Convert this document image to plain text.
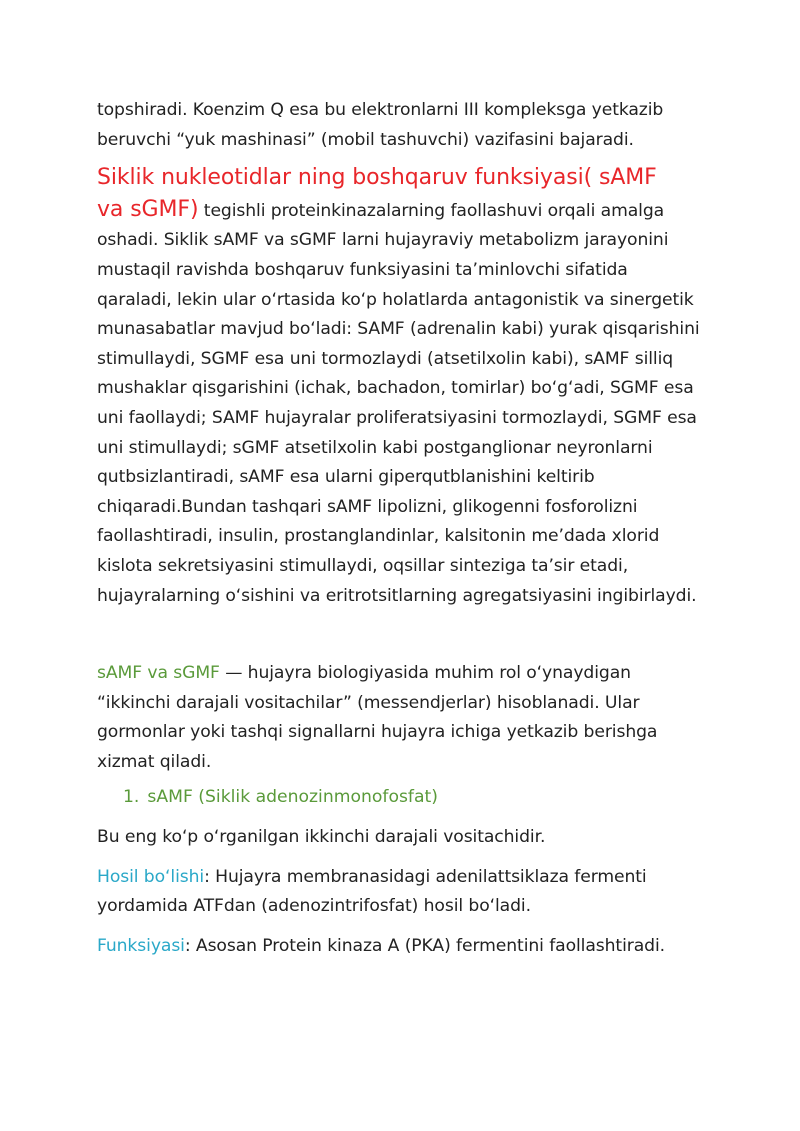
topshiradi. Koenzim Q esa bu elektronlarni III kompleksga yetkazib beruvchi “yuk mashinasi” (mobil tashuvchi) vazifasini bajaradi.

Siklik nukleotidlar ning boshqaruv funksiyasi( sAMF
va sGMF) tegishli proteinkinazalarning faollashuvi orqali amalga oshadi. Siklik sAMF va sGMF larni hujayraviy metabolizm jarayonini mustaqil ravishda boshqaruv funksiyasini ta’minlovchi sifatida qaraladi, lekin ular o‘rtasida ko‘p holatlarda antagonistik va sinergetik munasabatlar mavjud bo‘ladi: SAMF (adrenalin kabi) yurak qisqarishini stimullaydi, SGMF esa uni tormozlaydi (atsetilxolin kabi), sAMF silliq mushaklar qisgarishini (ichak, bachadon, tomirlar) bo‘g‘adi, SGMF esa uni faollaydi; SAMF hujayralar proliferatsiyasini tormozlaydi, SGMF esa uni stimullaydi; sGMF atsetilxolin kabi postganglionar neyronlarni qutbsizlantiradi, sAMF esa ularni giperqutblanishini keltirib chiqaradi.Bundan tashqari sAMF lipolizni, glikogenni fosforolizni faollashtiradi, insulin, prostanglandinlar, kalsitonin me’dada xlorid kislota sekretsiyasini stimullaydi, oqsillar sinteziga ta’sir etadi, hujayralarning o‘sishini va eritrotsitlarning agregatsiyasini ingibirlaydi.

sAMF va sGMF — hujayra biologiyasida muhim rol o‘ynaydigan “ikkinchi darajali vositachilar” (messendjerlar) hisoblanadi. Ular gormonlar yoki tashqi signallarni hujayra ichiga yetkazib berishga xizmat qiladi.

1. sAMF (Siklik adenozinmonofosfat)

Bu eng ko‘p o‘rganilgan ikkinchi darajali vositachidir.

Hosil bo‘lishi: Hujayra membranasidagi adenilattsiklaza fermenti yordamida ATFdan (adenozintrifosfat) hosil bo‘ladi.

Funksiyasi: Asosan Protein kinaza A (PKA) fermentini faollashtiradi.
